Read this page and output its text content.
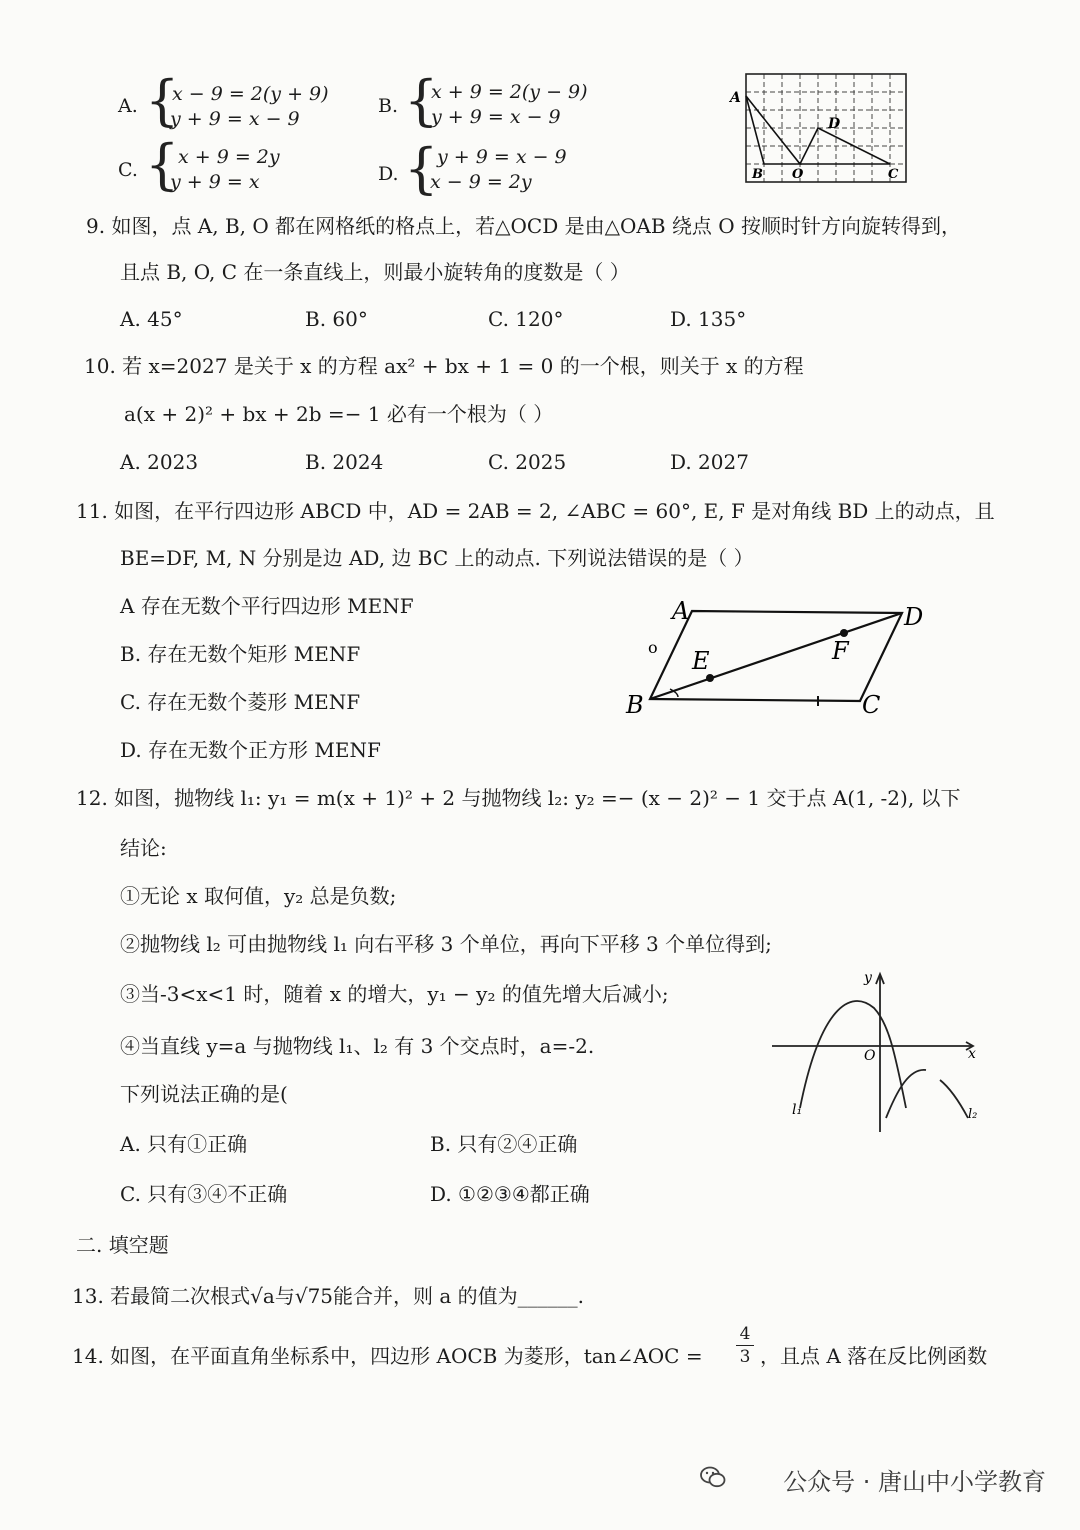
A. {
x − 9 = 2(y + 9)
y + 9 = x − 9
B. {
x + 9 = 2(y − 9)
y + 9 = x − 9
C. {
x + 9 = 2y
y + 9 = x	D. {
y + 9 = x − 9
x − 9 = 2y
A
B O
D
C
9. 如图，点 A, B, O 都在网格纸的格点上，若△OCD 是由△OAB 绕点 O 按顺时针方向旋转得到，
且点 B, O, C 在一条直线上，则最小旋转角的度数是（ ）
A. 45°	B. 60°	C. 120°	D. 135°
10. 若 x=2027 是关于 x 的方程 ax² + bx + 1 = 0 的一个根，则关于 x 的方程
a(x + 2)² + bx + 2b =− 1 必有一个根为（ ）
A. 2023	B. 2024	C. 2025	D. 2027
11. 如图，在平行四边形 ABCD 中，AD = 2AB = 2, ∠ABC = 60°, E, F 是对角线 BD 上的动点，且
BE=DF, M, N 分别是边 AD, 边 BC 上的动点. 下列说法错误的是（ ）
A 存在无数个平行四边形 MENF
B. 存在无数个矩形 MENF
C. 存在无数个菱形 MENF
D. 存在无数个正方形 MENF
A	D
B	C
E	F
o
12. 如图，抛物线 l₁: y₁ = m(x + 1)² + 2 与抛物线 l₂: y₂ =− (x − 2)² − 1 交于点 A(1, -2), 以下
结论:
①无论 x 取何值，y₂ 总是负数;
②抛物线 l₂ 可由抛物线 l₁ 向右平移 3 个单位，再向下平移 3 个单位得到;
③当-3<x<1 时，随着 x 的增大，y₁ − y₂ 的值先增大后减小;
④当直线 y=a 与抛物线 l₁、l₂ 有 3 个交点时，a=-2.
下列说法正确的是(
A. 只有①正确	B. 只有②④正确
C. 只有③④不正确	D. ①②③④都正确
y
x
O
l₁	l₂
二. 填空题
13. 若最简二次根式√a与√75能合并，则 a 的值为______.
14. 如图，在平面直角坐标系中，四边形 AOCB 为菱形，tan∠AOC =
4
3 ，且点 A 落在反比例函数
公众号 · 唐山中小学教育
